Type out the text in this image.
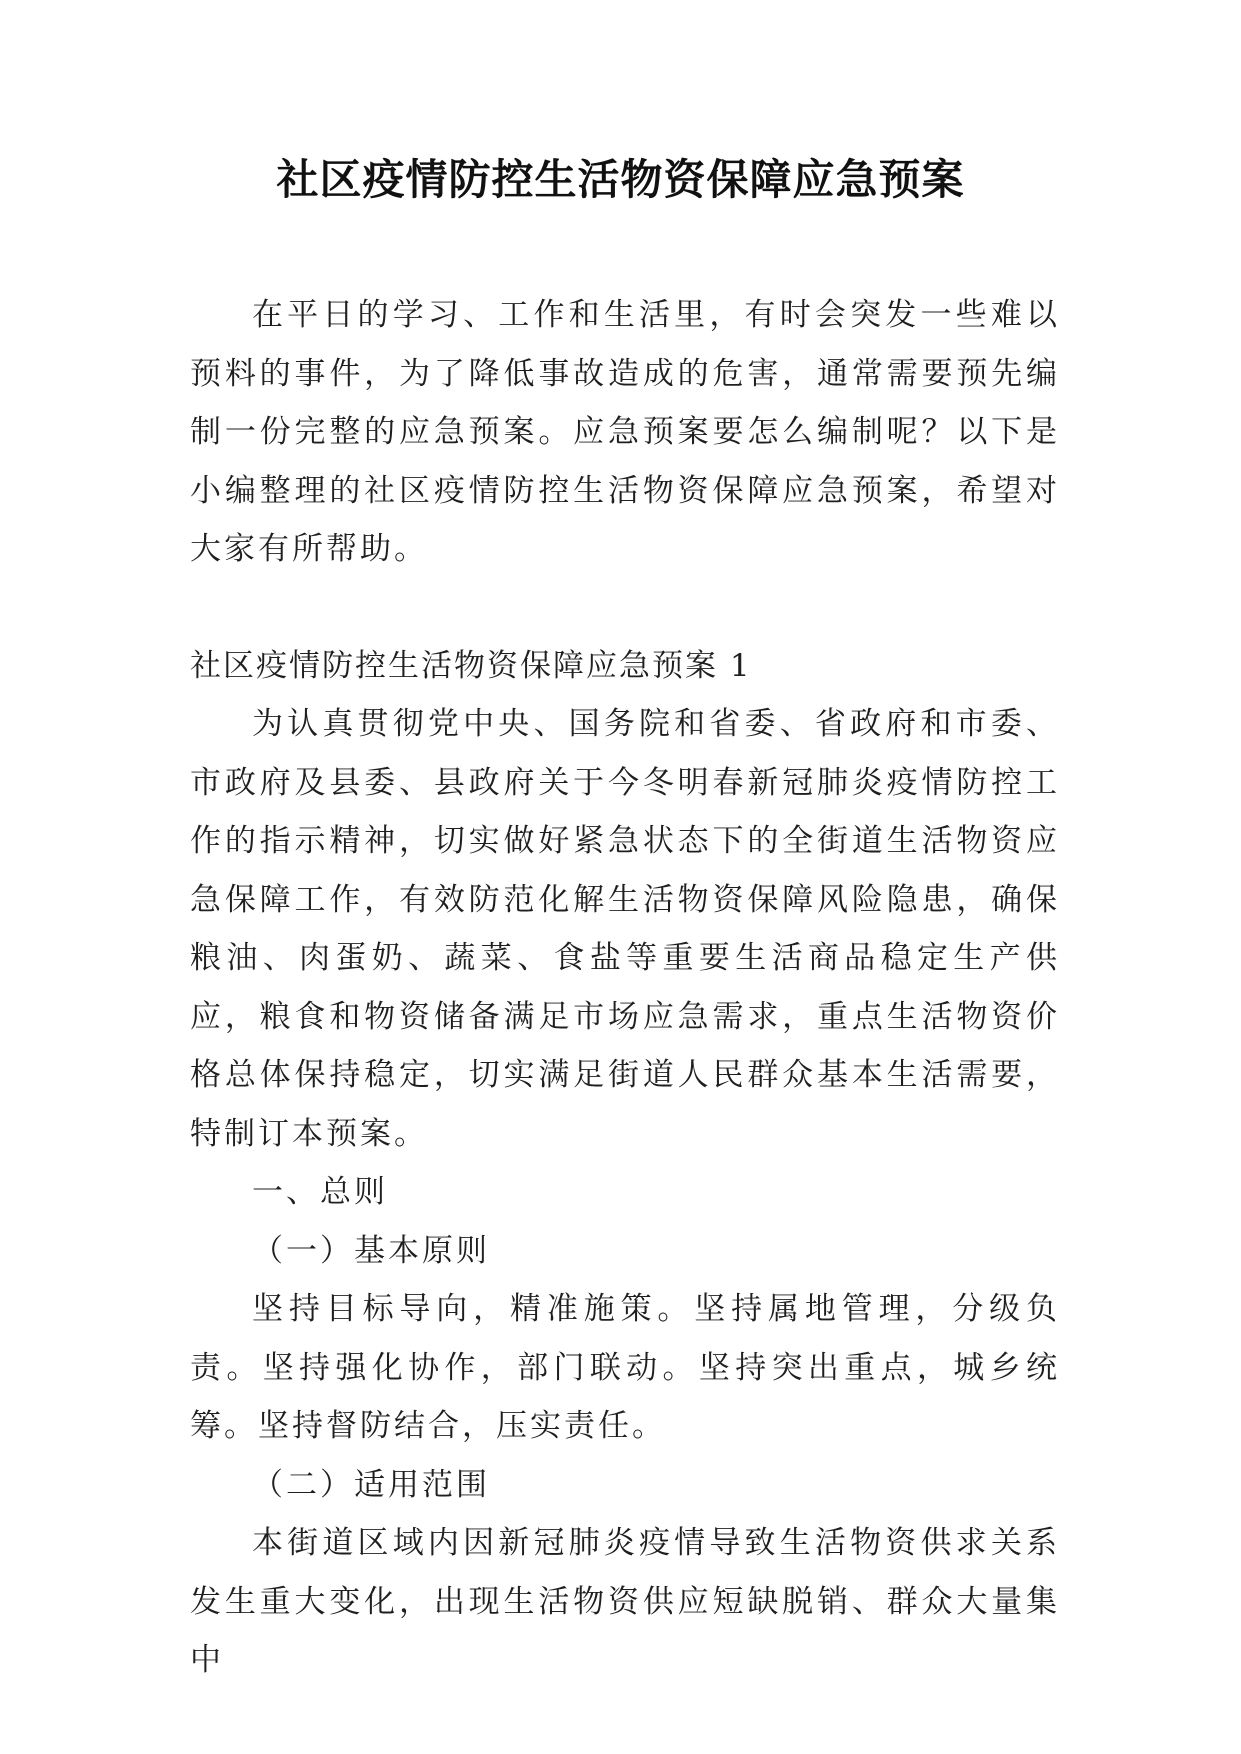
社区疫情防控生活物资保障应急预案

在平日的学习、工作和生活里，有时会突发一些难以预料的事件，为了降低事故造成的危害，通常需要预先编制一份完整的应急预案。应急预案要怎么编制呢？以下是小编整理的社区疫情防控生活物资保障应急预案，希望对大家有所帮助。

社区疫情防控生活物资保障应急预案 1

为认真贯彻党中央、国务院和省委、省政府和市委、市政府及县委、县政府关于今冬明春新冠肺炎疫情防控工作的指示精神，切实做好紧急状态下的全街道生活物资应急保障工作，有效防范化解生活物资保障风险隐患，确保粮油、肉蛋奶、蔬菜、食盐等重要生活商品稳定生产供应，粮食和物资储备满足市场应急需求，重点生活物资价格总体保持稳定，切实满足街道人民群众基本生活需要，特制订本预案。

一、总则

（一）基本原则

坚持目标导向，精准施策。坚持属地管理，分级负责。坚持强化协作，部门联动。坚持突出重点，城乡统筹。坚持督防结合，压实责任。

（二）适用范围

本街道区域内因新冠肺炎疫情导致生活物资供求关系发生重大变化，出现生活物资供应短缺脱销、群众大量集中
